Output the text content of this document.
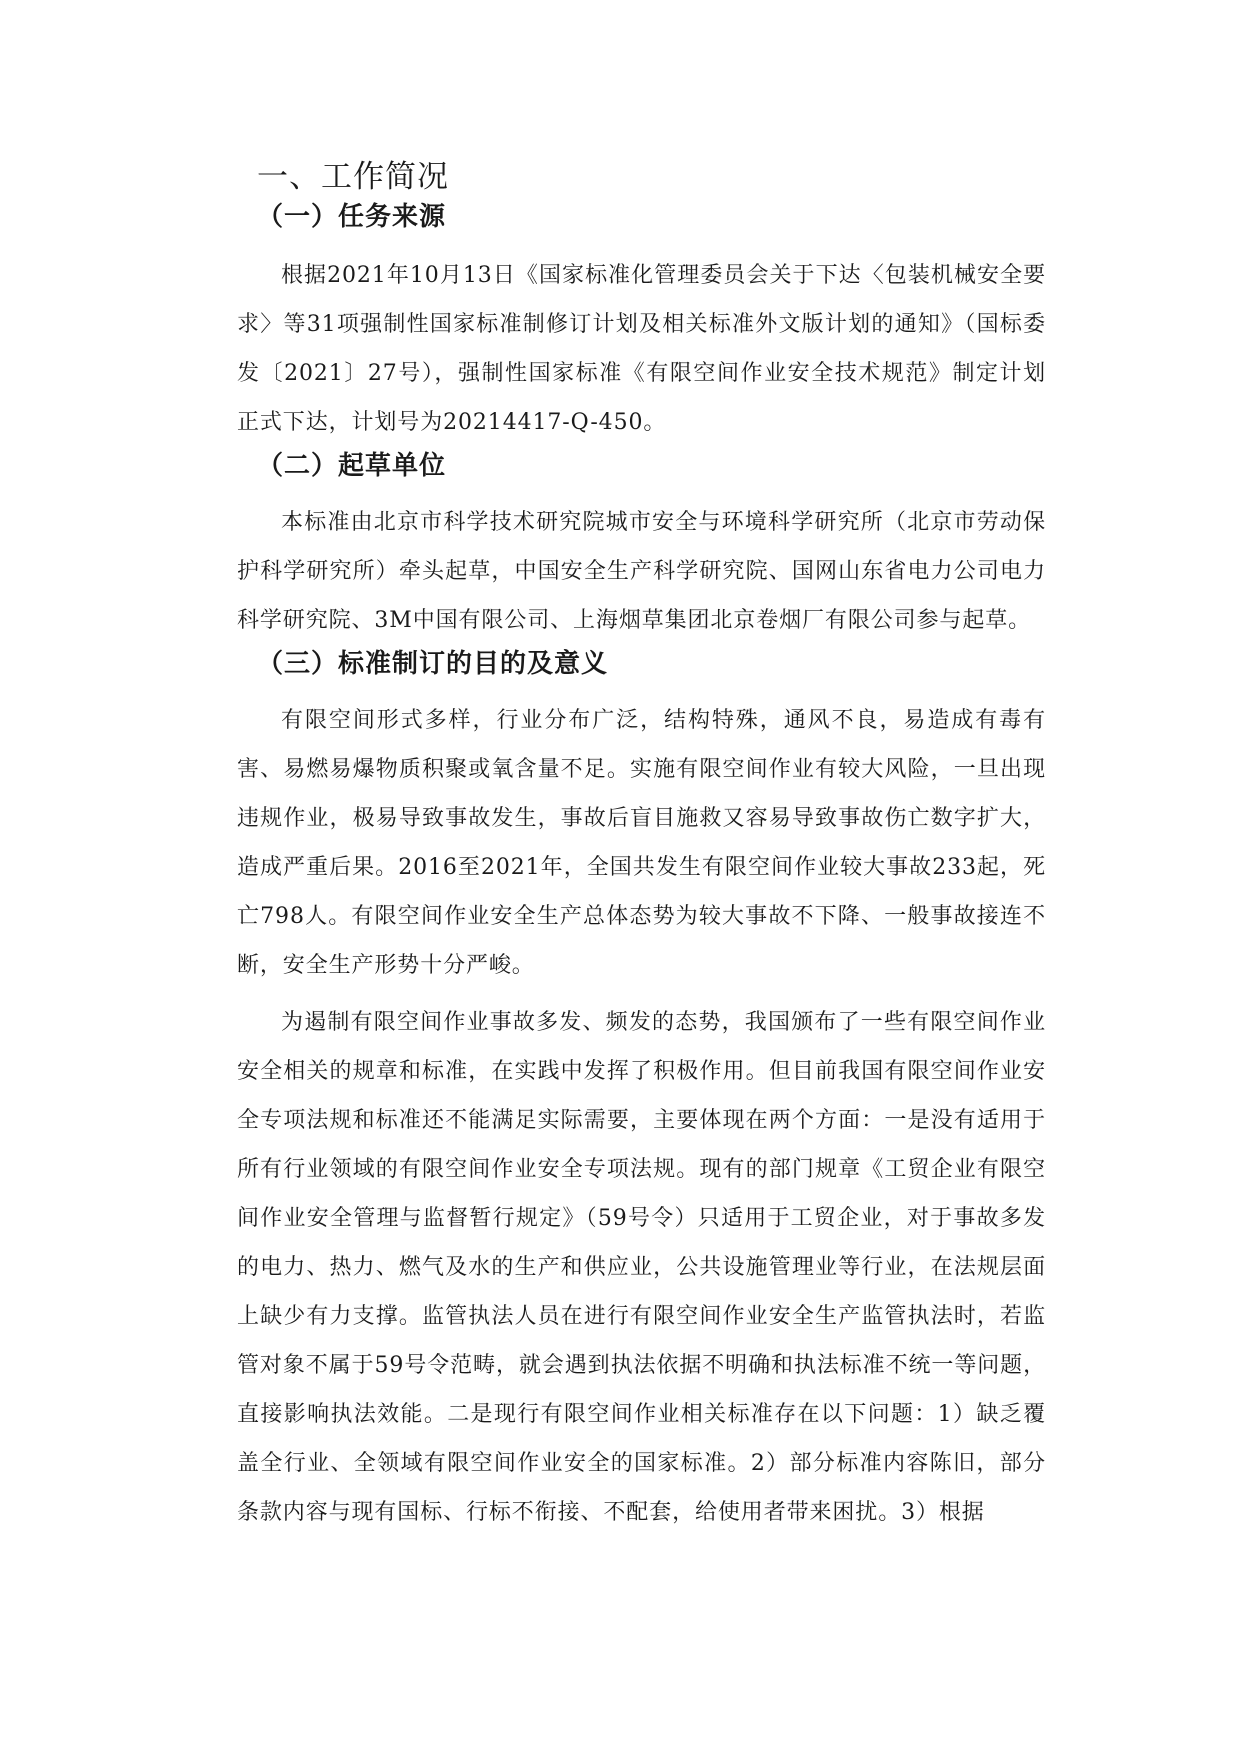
一、工作简况
（一）任务来源

根据2021年10月13日《国家标准化管理委员会关于下达〈包装机械安全要求〉等31项强制性国家标准制修订计划及相关标准外文版计划的通知》（国标委发〔2021〕27号），强制性国家标准《有限空间作业安全技术规范》制定计划正式下达，计划号为20214417-Q-450。

（二）起草单位

本标准由北京市科学技术研究院城市安全与环境科学研究所（北京市劳动保护科学研究所）牵头起草，中国安全生产科学研究院、国网山东省电力公司电力科学研究院、3M中国有限公司、上海烟草集团北京卷烟厂有限公司参与起草。

（三）标准制订的目的及意义

有限空间形式多样，行业分布广泛，结构特殊，通风不良，易造成有毒有害、易燃易爆物质积聚或氧含量不足。实施有限空间作业有较大风险，一旦出现违规作业，极易导致事故发生，事故后盲目施救又容易导致事故伤亡数字扩大，造成严重后果。2016至2021年，全国共发生有限空间作业较大事故233起，死亡798人。有限空间作业安全生产总体态势为较大事故不下降、一般事故接连不断，安全生产形势十分严峻。

为遏制有限空间作业事故多发、频发的态势，我国颁布了一些有限空间作业安全相关的规章和标准，在实践中发挥了积极作用。但目前我国有限空间作业安全专项法规和标准还不能满足实际需要，主要体现在两个方面：一是没有适用于所有行业领域的有限空间作业安全专项法规。现有的部门规章《工贸企业有限空间作业安全管理与监督暂行规定》（59号令）只适用于工贸企业，对于事故多发的电力、热力、燃气及水的生产和供应业，公共设施管理业等行业，在法规层面上缺少有力支撑。监管执法人员在进行有限空间作业安全生产监管执法时，若监管对象不属于59号令范畴，就会遇到执法依据不明确和执法标准不统一等问题，直接影响执法效能。二是现行有限空间作业相关标准存在以下问题：1）缺乏覆盖全行业、全领域有限空间作业安全的国家标准。2）部分标准内容陈旧，部分条款内容与现有国标、行标不衔接、不配套，给使用者带来困扰。3）根据
